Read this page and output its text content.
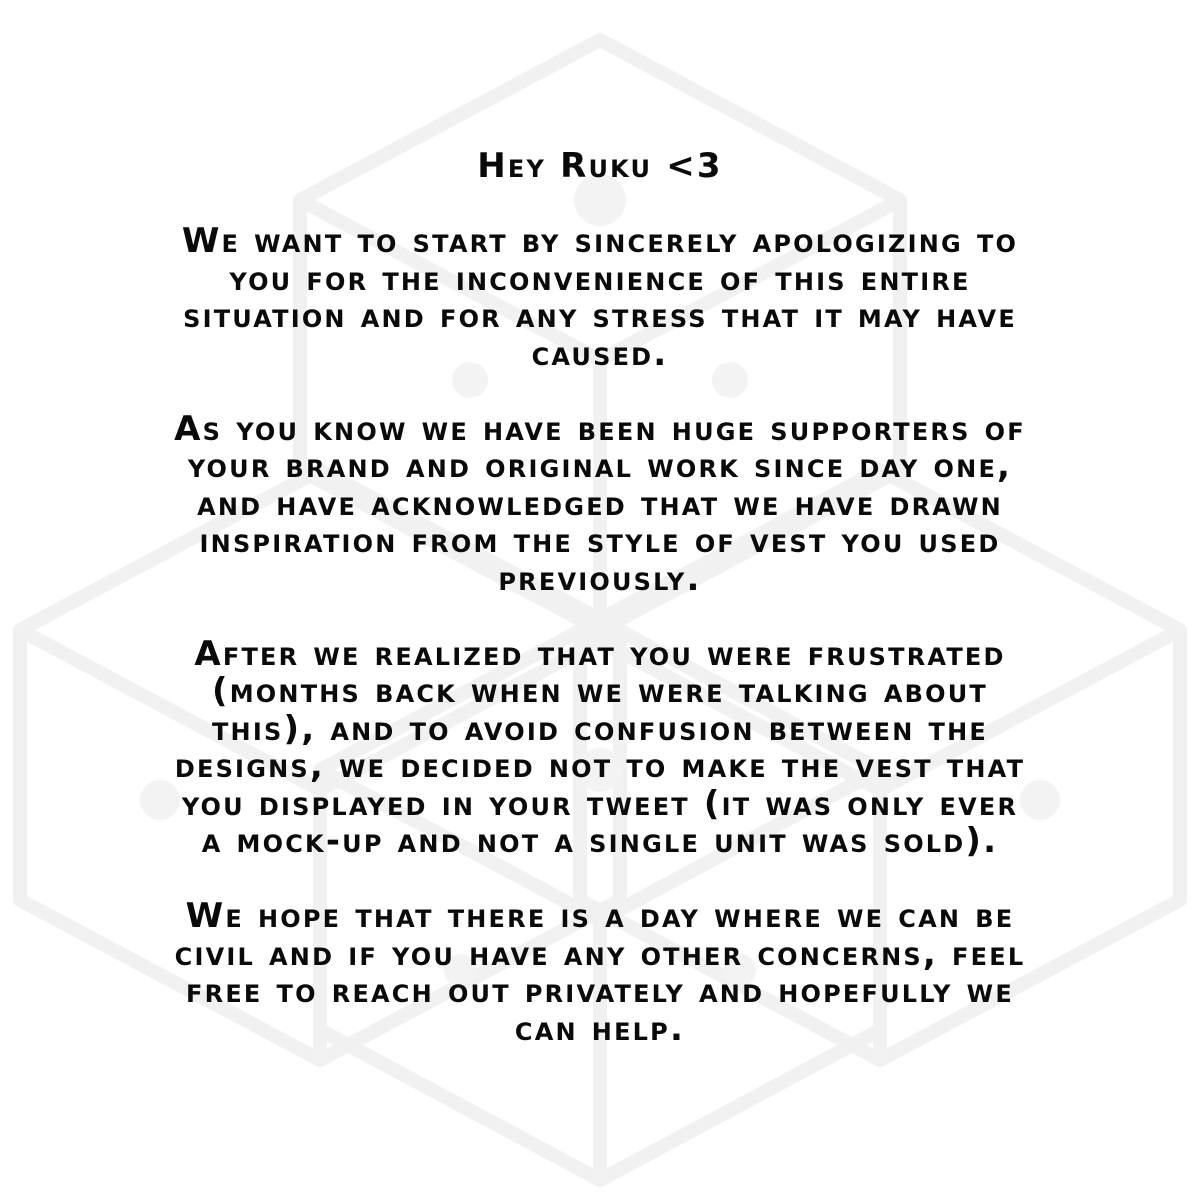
Hey Ruku <3

We want to start by sincerely apologizing to
you for the inconvenience of this entire
situation and for any stress that it may have
caused.

As you know we have been huge supporters of
your brand and original work since day one,
and have acknowledged that we have drawn
inspiration from the style of vest you used
previously.

After we realized that you were frustrated
(months back when we were talking about
this), and to avoid confusion between the
designs, we decided not to make the vest that
you displayed in your tweet (it was only ever
a mock-up and not a single unit was sold).

We hope that there is a day where we can be
civil and if you have any other concerns, feel
free to reach out privately and hopefully we
can help.
